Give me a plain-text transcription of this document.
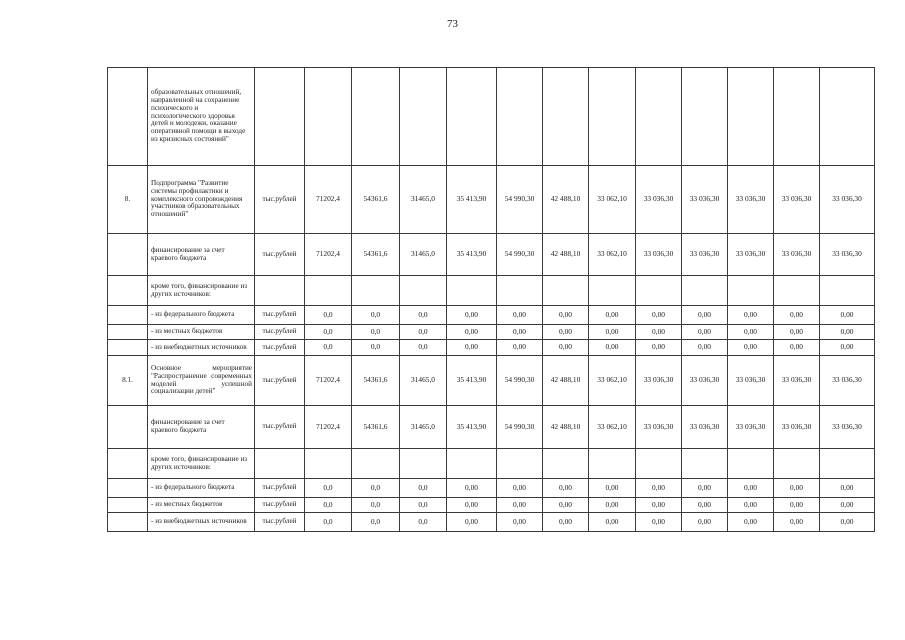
73
	образовательных отношений, направленной на сохранение психического и психологического здоровья детей и молодежи, оказание оперативной помощи в выходе из кризисных состояний"													
8.	Подпрограмма "Развитие системы профилактики и комплексного сопровождения участников образовательных отношений"	тыс.рублей	71202,4	54361,6	31465,0	35 413,90	54 990,30	42 488,10	33 062,10	33 036,30	33 036,30	33 036,30	33 036,30	33 036,30
	финансирование за счет краевого бюджета	тыс.рублей	71202,4	54361,6	31465,0	35 413,90	54 990,30	42 488,10	33 062,10	33 036,30	33 036,30	33 036,30	33 036,30	33 036,30
	кроме того, финансирование из других источников:													
	- из федерального бюджета	тыс.рублей	0,0	0,0	0,0	0,00	0,00	0,00	0,00	0,00	0,00	0,00	0,00	0,00
	- из местных бюджетов	тыс.рублей	0,0	0,0	0,0	0,00	0,00	0,00	0,00	0,00	0,00	0,00	0,00	0,00
	- из внебюджетных источников	тыс.рублей	0,0	0,0	0,0	0,00	0,00	0,00	0,00	0,00	0,00	0,00	0,00	0,00
8.1.	Основное мероприятие "Распространение современных моделей успешной социализации детей"	тыс.рублей	71202,4	54361,6	31465,0	35 413,90	54 990,30	42 488,10	33 062,10	33 036,30	33 036,30	33 036,30	33 036,30	33 036,30
	финансирование за счет краевого бюджета	тыс.рублей	71202,4	54361,6	31465,0	35 413,90	54 990,30	42 488,10	33 062,10	33 036,30	33 036,30	33 036,30	33 036,30	33 036,30
	кроме того, финансирование из других источников:													
	- из федерального бюджета	тыс.рублей	0,0	0,0	0,0	0,00	0,00	0,00	0,00	0,00	0,00	0,00	0,00	0,00
	- из местных бюджетов	тыс.рублей	0,0	0,0	0,0	0,00	0,00	0,00	0,00	0,00	0,00	0,00	0,00	0,00
	- из внебюджетных источников	тыс.рублей	0,0	0,0	0,0	0,00	0,00	0,00	0,00	0,00	0,00	0,00	0,00	0,00
